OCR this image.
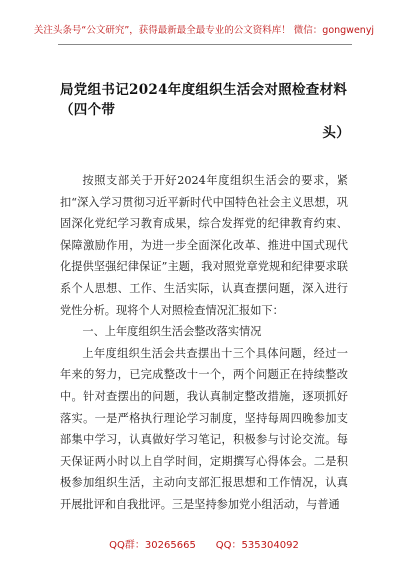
关注头条号“公文研究”，获得最新最全最专业的公文资料库！ 微信：gongwenyj
局党组书记2024年度组织生活会对照检查材料（四个带
头）

按照支部关于开好2024年度组织生活会的要求，紧扣“深入学习贯彻习近平新时代中国特色社会主义思想，巩固深化党纪学习教育成果，综合发挥党的纪律教育约束、保障激励作用，为进一步全面深化改革、推进中国式现代化提供坚强纪律保证”主题，我对照党章党规和纪律要求联系个人思想、工作、生活实际，认真查摆问题，深入进行党性分析。现将个人对照检查情况汇报如下：

一、上年度组织生活会整改落实情况

上年度组织生活会共查摆出十三个具体问题，经过一年来的努力，已完成整改十一个，两个问题正在持续整改中。针对查摆出的问题，我认真制定整改措施，逐项抓好落实。一是严格执行理论学习制度，坚持每周四晚参加支部集中学习，认真做好学习笔记，积极参与讨论交流。每天保证两小时以上自学时间，定期撰写心得体会。二是积极参加组织生活，主动向支部汇报思想和工作情况，认真开展批评和自我批评。三是坚持参加党小组活动，与普通

QQ群：30265665　　QQ：535304092
